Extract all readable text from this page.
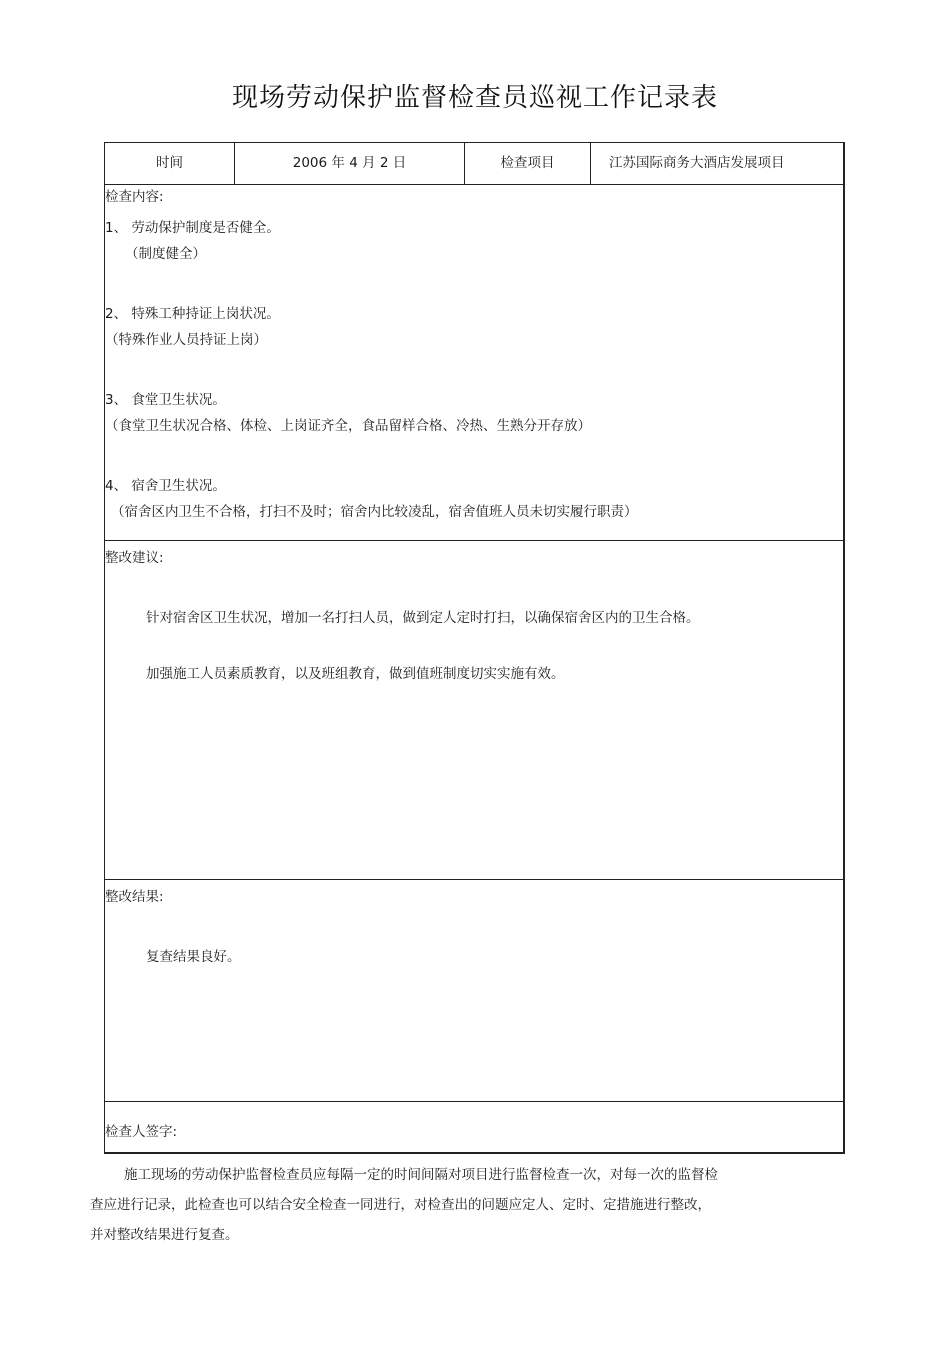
现场劳动保护监督检查员巡视工作记录表
时间	2006 年 4 月 2 日	检查项目	江苏国际商务大酒店发展项目
检查内容:
1、 劳动保护制度是否健全。
（制度健全）
2、 特殊工种持证上岗状况。
（特殊作业人员持证上岗）
3、 食堂卫生状况。
（食堂卫生状况合格、体检、上岗证齐全，食品留样合格、冷热、生熟分开存放）
4、 宿舍卫生状况。
（宿舍区内卫生不合格，打扫不及时；宿舍内比较凌乱，宿舍值班人员未切实履行职责）
整改建议:
针对宿舍区卫生状况，增加一名打扫人员，做到定人定时打扫，以确保宿舍区内的卫生合格。
加强施工人员素质教育，以及班组教育，做到值班制度切实实施有效。
整改结果:
复查结果良好。
检查人签字:
施工现场的劳动保护监督检查员应每隔一定的时间间隔对项目进行监督检查一次，对每一次的监督检
查应进行记录，此检查也可以结合安全检查一同进行，对检查出的问题应定人、定时、定措施进行整改，
并对整改结果进行复查。
